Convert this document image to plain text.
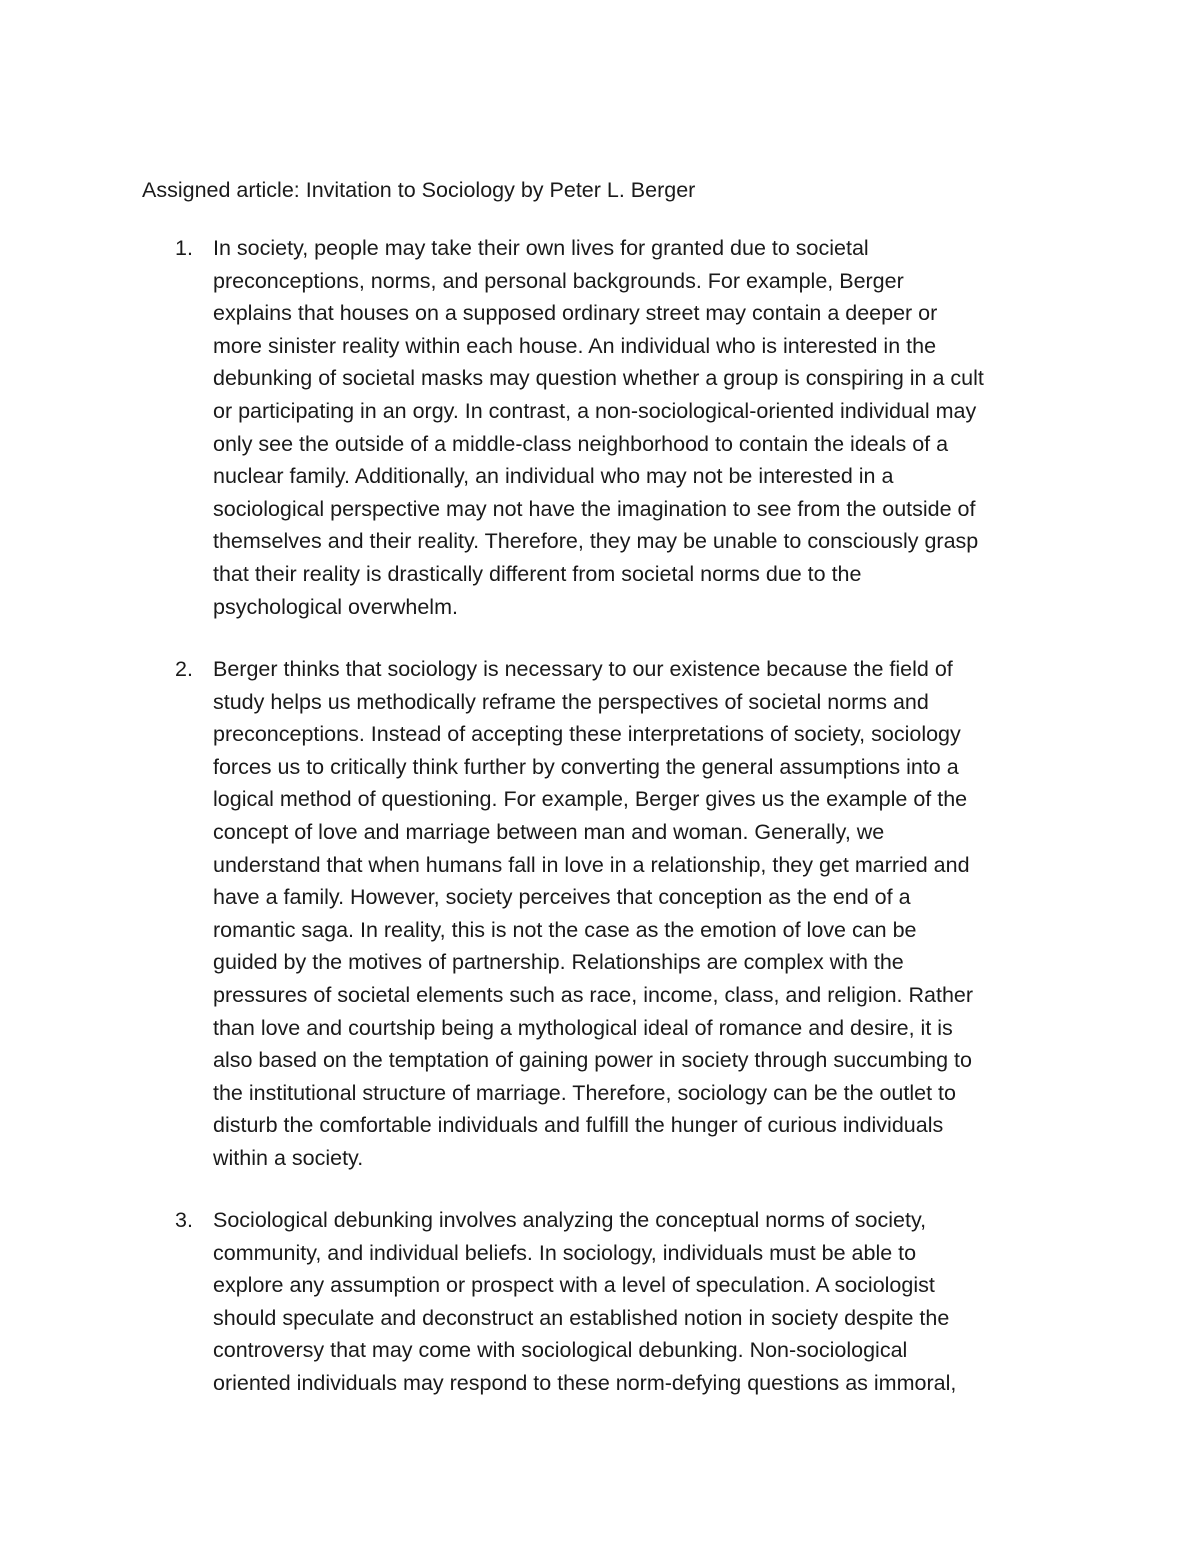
Assigned article: Invitation to Sociology by Peter L. Berger
1. In society, people may take their own lives for granted due to societal
preconceptions, norms, and personal backgrounds. For example, Berger
explains that houses on a supposed ordinary street may contain a deeper or
more sinister reality within each house. An individual who is interested in the
debunking of societal masks may question whether a group is conspiring in a cult
or participating in an orgy. In contrast, a non-sociological-oriented individual may
only see the outside of a middle-class neighborhood to contain the ideals of a
nuclear family. Additionally, an individual who may not be interested in a
sociological perspective may not have the imagination to see from the outside of
themselves and their reality. Therefore, they may be unable to consciously grasp
that their reality is drastically different from societal norms due to the
psychological overwhelm.
2. Berger thinks that sociology is necessary to our existence because the field of
study helps us methodically reframe the perspectives of societal norms and
preconceptions. Instead of accepting these interpretations of society, sociology
forces us to critically think further by converting the general assumptions into a
logical method of questioning. For example, Berger gives us the example of the
concept of love and marriage between man and woman. Generally, we
understand that when humans fall in love in a relationship, they get married and
have a family. However, society perceives that conception as the end of a
romantic saga. In reality, this is not the case as the emotion of love can be
guided by the motives of partnership. Relationships are complex with the
pressures of societal elements such as race, income, class, and religion. Rather
than love and courtship being a mythological ideal of romance and desire, it is
also based on the temptation of gaining power in society through succumbing to
the institutional structure of marriage. Therefore, sociology can be the outlet to
disturb the comfortable individuals and fulfill the hunger of curious individuals
within a society.
3. Sociological debunking involves analyzing the conceptual norms of society,
community, and individual beliefs. In sociology, individuals must be able to
explore any assumption or prospect with a level of speculation. A sociologist
should speculate and deconstruct an established notion in society despite the
controversy that may come with sociological debunking. Non-sociological
oriented individuals may respond to these norm-defying questions as immoral,
